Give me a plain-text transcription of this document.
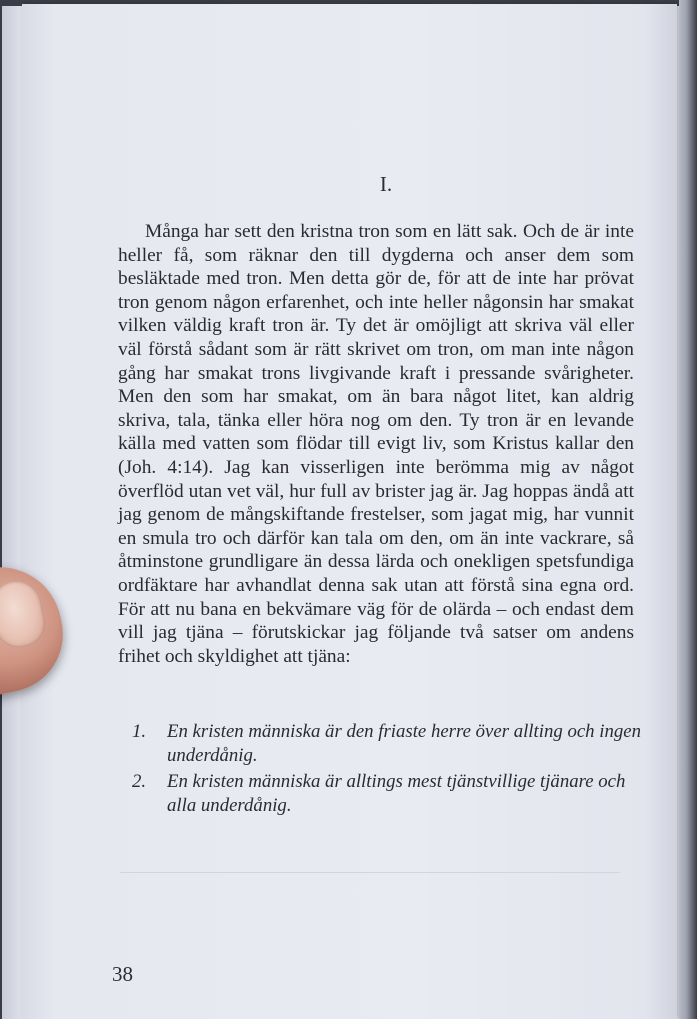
I.

Många har sett den kristna tron som en lätt sak. Och de är inte heller få, som räknar den till dygderna och anser dem som besläktade med tron. Men detta gör de, för att de inte har prövat tron genom någon erfarenhet, och inte heller någonsin har smakat vilken väldig kraft tron är. Ty det är omöjligt att skriva väl eller väl förstå sådant som är rätt skrivet om tron, om man inte någon gång har smakat trons livgivande kraft i pressande svårigheter. Men den som har smakat, om än bara något litet, kan aldrig skriva, tala, tänka eller höra nog om den. Ty tron är en levande källa med vatten som flödar till evigt liv, som Kristus kallar den (Joh. 4:14). Jag kan visserligen inte berömma mig av något överflöd utan vet väl, hur full av brister jag är. Jag hoppas ändå att jag genom de mångskiftande frestelser, som jagat mig, har vunnit en smula tro och därför kan tala om den, om än inte vackrare, så åtminstone grundligare än dessa lärda och onekligen spetsfundiga ordfäktare har avhandlat denna sak utan att förstå sina egna ord. För att nu bana en bekvämare väg för de olärda – och endast dem vill jag tjäna – förutskickar jag följande två satser om andens frihet och skyldighet att tjäna:

1. En kristen människa är den friaste herre över allting och ingen underdånig.
2. En kristen människa är alltings mest tjänstvillige tjänare och alla underdånig.
38
